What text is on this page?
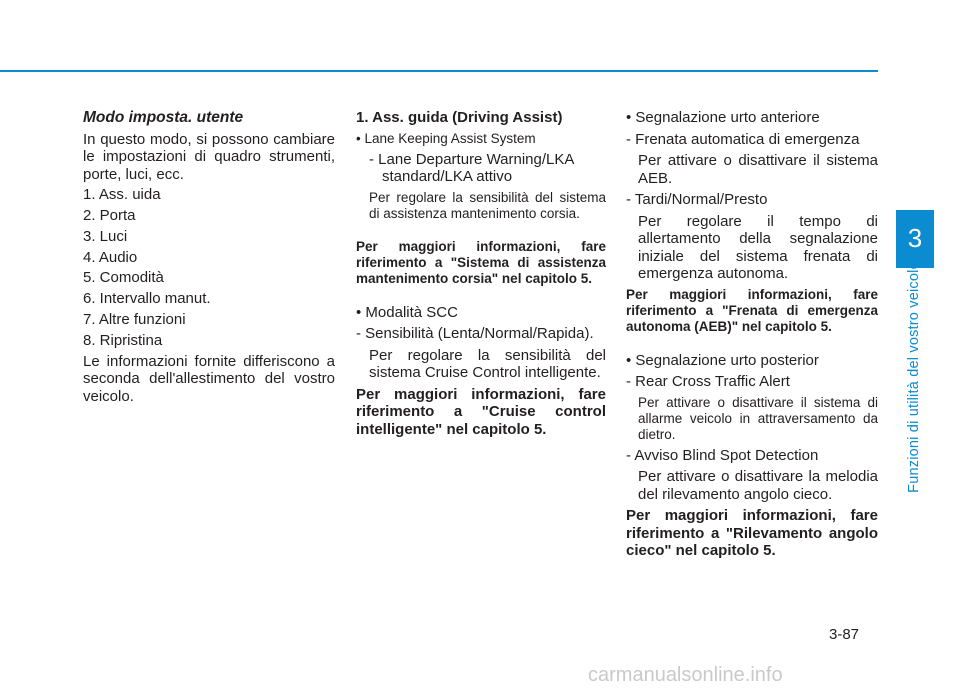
3
Funzioni di utilità del vostro veicolo

Modo imposta. utente

In questo modo, si possono cambiare le impostazioni di quadro strumenti, porte, luci, ecc.

1. Ass. uida

2. Porta

3. Luci

4. Audio

5. Comodità

6. Intervallo manut.

7. Altre funzioni

8. Ripristina

Le informazioni fornite differiscono a seconda dell'allestimento del vostro veicolo.

1. Ass. guida (Driving Assist)

• Lane Keeping Assist System

- Lane Departure Warning/LKA standard/LKA attivo

Per regolare la sensibilità del sistema di assistenza mantenimento corsia.

Per maggiori informazioni, fare riferimento a "Sistema di assistenza mantenimento corsia" nel capitolo 5.

• Modalità SCC

- Sensibilità (Lenta/Normal/Rapida).

Per regolare la sensibilità del sistema Cruise Control intelligente.

Per maggiori informazioni, fare riferimento a "Cruise control intelligente" nel capitolo 5.

• Segnalazione urto anteriore

- Frenata automatica di emergenza

Per attivare o disattivare il sistema AEB.

- Tardi/Normal/Presto

Per regolare il tempo di allertamento della segnalazione iniziale del sistema frenata di emergenza autonoma.

Per maggiori informazioni, fare riferimento a "Frenata di emergenza autonoma (AEB)" nel capitolo 5.

• Segnalazione urto posterior

- Rear Cross Traffic Alert

Per attivare o disattivare il sistema di allarme veicolo in attraversamento da dietro.

- Avviso Blind Spot Detection

Per attivare o disattivare la melodia del rilevamento angolo cieco.

Per maggiori informazioni, fare riferimento a "Rilevamento angolo cieco" nel capitolo 5.

3-87
carmanualsonline.info
